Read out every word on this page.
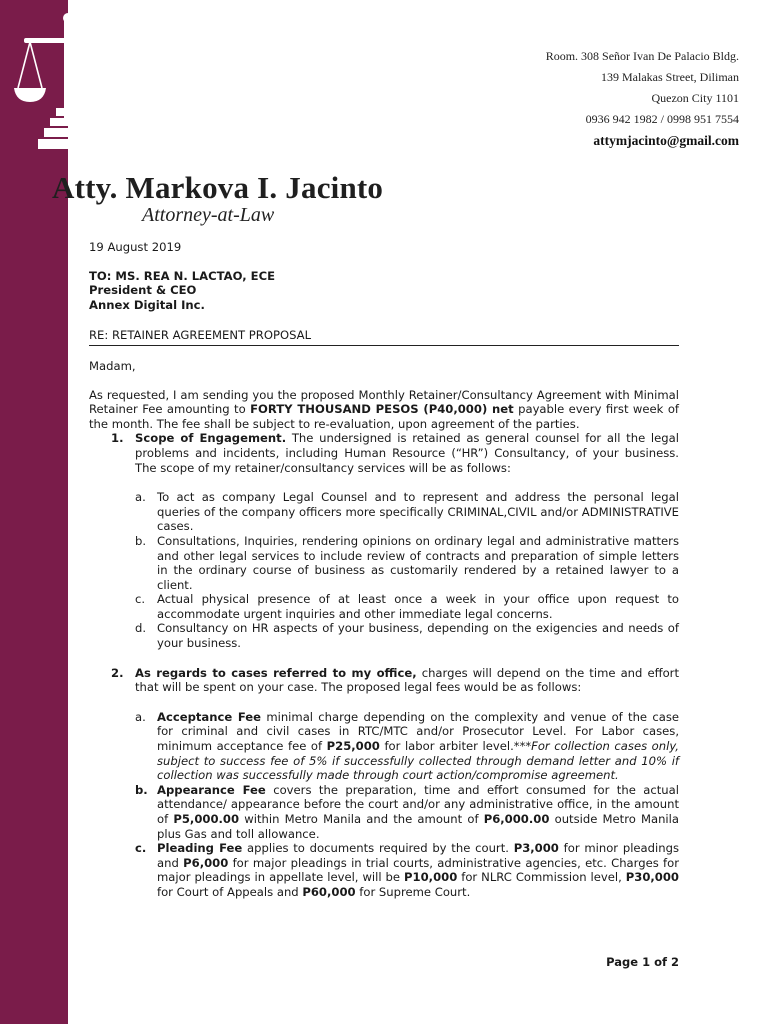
Room. 308 Señor Ivan De Palacio Bldg.
139 Malakas Street, Diliman
Quezon City 1101
0936 942 1982 / 0998 951 7554
attymjacinto@gmail.com
Atty. Markova I. Jacinto
Attorney-at-Law
19 August 2019

TO: MS. REA N. LACTAO, ECE

President & CEO

Annex Digital Inc.

RE: RETAINER AGREEMENT PROPOSAL
Madam,

As requested, I am sending you the proposed Monthly Retainer/Consultancy Agreement with Minimal Retainer Fee amounting to FORTY THOUSAND PESOS (P40,000) net payable every first week of the month. The fee shall be subject to re-evaluation, upon agreement of the parties.

1. Scope of Engagement. The undersigned is retained as general counsel for all the legal problems and incidents, including Human Resource (“HR”) Consultancy, of your business. The scope of my retainer/consultancy services will be as follows:

a. To act as company Legal Counsel and to represent and address the personal legal queries of the company officers more specifically CRIMINAL,CIVIL and/or ADMINISTRATIVE cases.

b. Consultations, Inquiries, rendering opinions on ordinary legal and administrative matters and other legal services to include review of contracts and preparation of simple letters in the ordinary course of business as customarily rendered by a retained lawyer to a client.

c. Actual physical presence of at least once a week in your office upon request to accommodate urgent inquiries and other immediate legal concerns.

d. Consultancy on HR aspects of your business, depending on the exigencies and needs of your business.

2. As regards to cases referred to my office, charges will depend on the time and effort that will be spent on your case. The proposed legal fees would be as follows:

a. Acceptance Fee minimal charge depending on the complexity and venue of the case for criminal and civil cases in RTC/MTC and/or Prosecutor Level. For Labor cases, minimum acceptance fee of P25,000 for labor arbiter level.***For collection cases only, subject to success fee of 5% if successfully collected through demand letter and 10% if collection was successfully made through court action/compromise agreement.

b. Appearance Fee covers the preparation, time and effort consumed for the actual attendance/ appearance before the court and/or any administrative office, in the amount of P5,000.00 within Metro Manila and the amount of P6,000.00 outside Metro Manila plus Gas and toll allowance.

c. Pleading Fee applies to documents required by the court. P3,000 for minor pleadings and P6,000 for major pleadings in trial courts, administrative agencies, etc. Charges for major pleadings in appellate level, will be P10,000 for NLRC Commission level, P30,000 for Court of Appeals and P60,000 for Supreme Court.

Page 1 of 2
